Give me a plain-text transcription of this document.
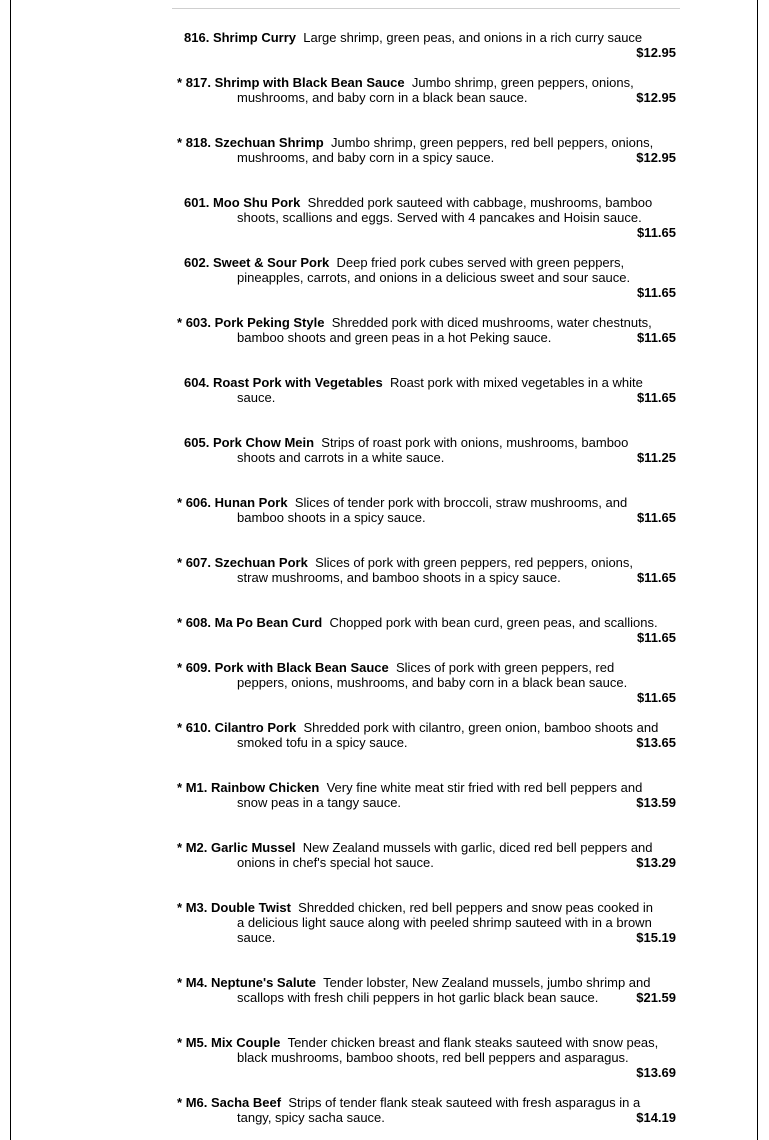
816. Shrimp Curry Large shrimp, green peas, and onions in a rich curry sauce
$12.95
* 817. Shrimp with Black Bean Sauce Jumbo shrimp, green peppers, onions,
mushrooms, and baby corn in a black bean sauce.	$12.95
* 818. Szechuan Shrimp Jumbo shrimp, green peppers, red bell peppers, onions,
mushrooms, and baby corn in a spicy sauce.	$12.95
601. Moo Shu Pork Shredded pork sauteed with cabbage, mushrooms, bamboo
shoots, scallions and eggs. Served with 4 pancakes and Hoisin sauce.
$11.65
602. Sweet & Sour Pork Deep fried pork cubes served with green peppers,
pineapples, carrots, and onions in a delicious sweet and sour sauce.
$11.65
* 603. Pork Peking Style Shredded pork with diced mushrooms, water chestnuts,
bamboo shoots and green peas in a hot Peking sauce.	$11.65
604. Roast Pork with Vegetables Roast pork with mixed vegetables in a white
sauce.	$11.65
605. Pork Chow Mein Strips of roast pork with onions, mushrooms, bamboo
shoots and carrots in a white sauce.	$11.25
* 606. Hunan Pork Slices of tender pork with broccoli, straw mushrooms, and
bamboo shoots in a spicy sauce.	$11.65
* 607. Szechuan Pork Slices of pork with green peppers, red peppers, onions,
straw mushrooms, and bamboo shoots in a spicy sauce.	$11.65
* 608. Ma Po Bean Curd Chopped pork with bean curd, green peas, and scallions.
$11.65
* 609. Pork with Black Bean Sauce Slices of pork with green peppers, red
peppers, onions, mushrooms, and baby corn in a black bean sauce.
$11.65
* 610. Cilantro Pork Shredded pork with cilantro, green onion, bamboo shoots and
smoked tofu in a spicy sauce.	$13.65
* M1. Rainbow Chicken Very fine white meat stir fried with red bell peppers and
snow peas in a tangy sauce.	$13.59
* M2. Garlic Mussel New Zealand mussels with garlic, diced red bell peppers and
onions in chef's special hot sauce.	$13.29
* M3. Double Twist Shredded chicken, red bell peppers and snow peas cooked in
a delicious light sauce along with peeled shrimp sauteed with in a brown
sauce.	$15.19
* M4. Neptune's Salute Tender lobster, New Zealand mussels, jumbo shrimp and
scallops with fresh chili peppers in hot garlic black bean sauce.	$21.59
* M5. Mix Couple Tender chicken breast and flank steaks sauteed with snow peas,
black mushrooms, bamboo shoots, red bell peppers and asparagus.
$13.69
* M6. Sacha Beef Strips of tender flank steak sauteed with fresh asparagus in a
tangy, spicy sacha sauce.	$14.19
